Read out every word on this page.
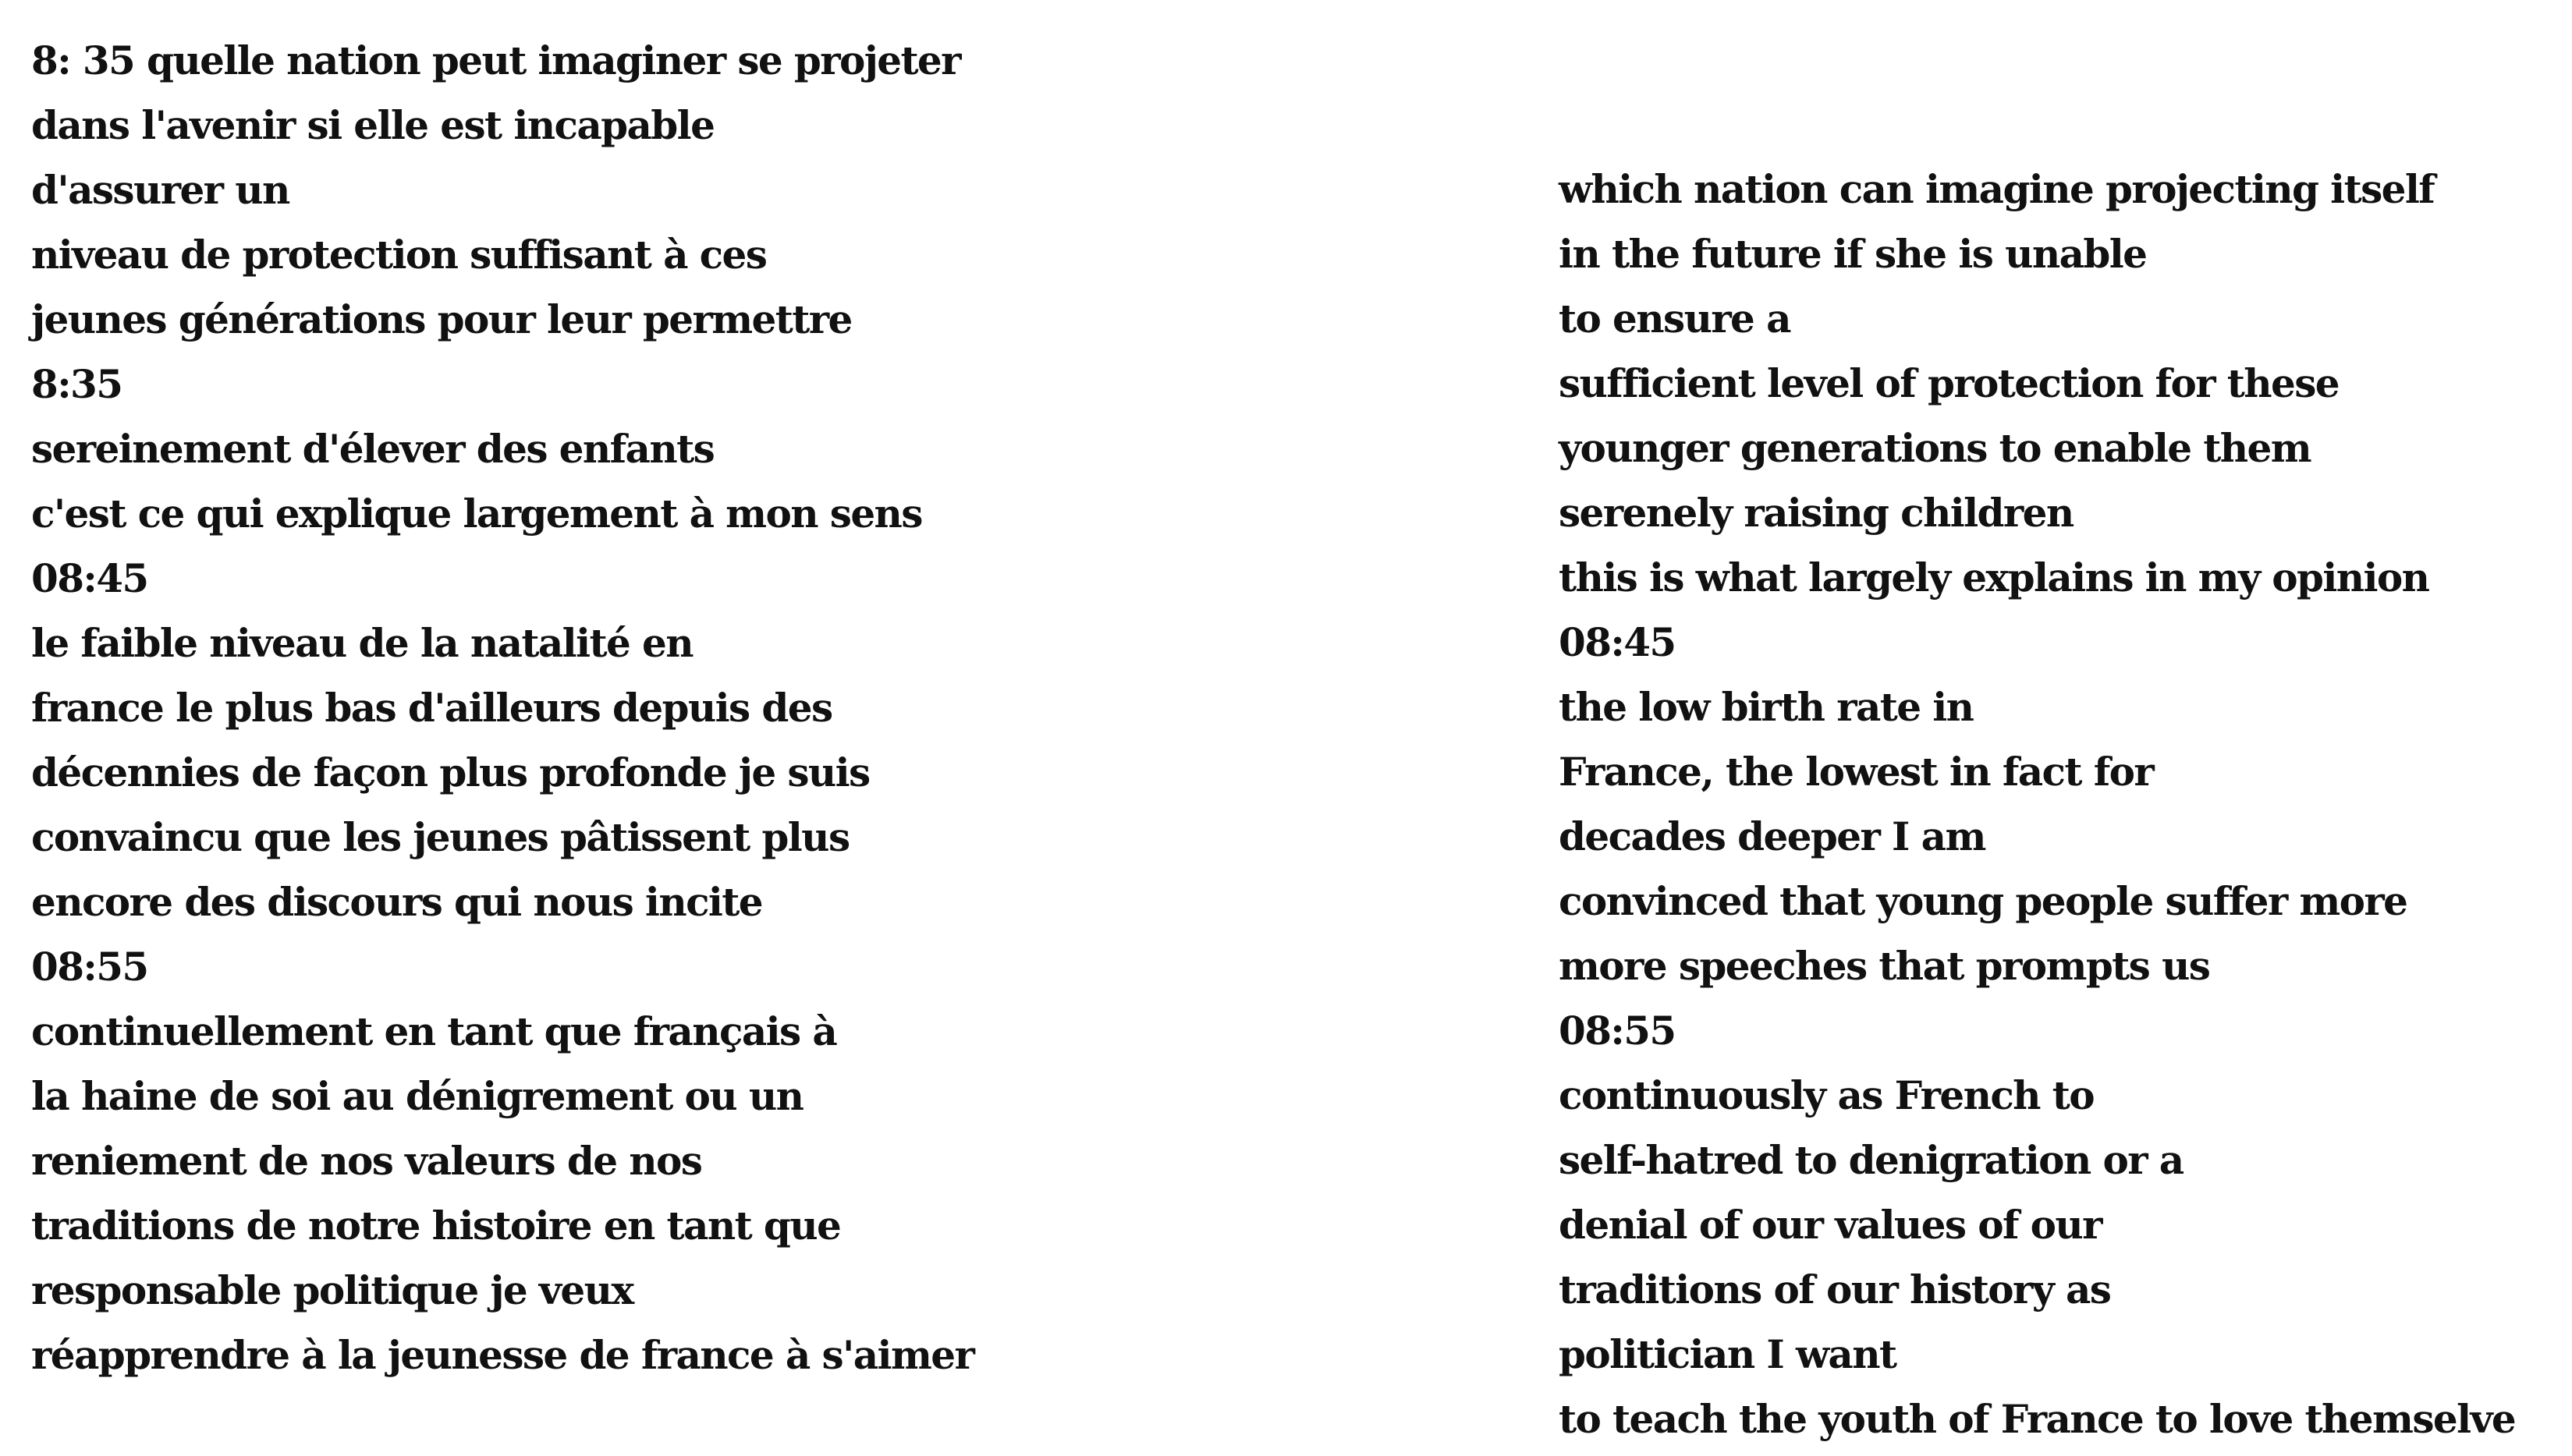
8: 35 quelle nation peut imaginer se projeter
dans l'avenir si elle est incapable
d'assurer un
niveau de protection suffisant à ces
jeunes générations pour leur permettre
8:35
sereinement d'élever des enfants
c'est ce qui explique largement à mon sens
08:45
le faible niveau de la natalité en
france le plus bas d'ailleurs depuis des
décennies de façon plus profonde je suis
convaincu que les jeunes pâtissent plus
encore des discours qui nous incite
08:55
continuellement en tant que français à
la haine de soi au dénigrement ou un
reniement de nos valeurs de nos
traditions de notre histoire en tant que
responsable politique je veux
réapprendre à la jeunesse de france à s'aimer
which nation can imagine projecting itself
in the future if she is unable
to ensure a
sufficient level of protection for these
younger generations to enable them
serenely raising children
this is what largely explains in my opinion
08:45
the low birth rate in
France, the lowest in fact for
decades deeper I am
convinced that young people suffer more
more speeches that prompts us
08:55
continuously as French to
self-hatred to denigration or a
denial of our values of our
traditions of our history as
politician I want
to teach the youth of France to love themselve
